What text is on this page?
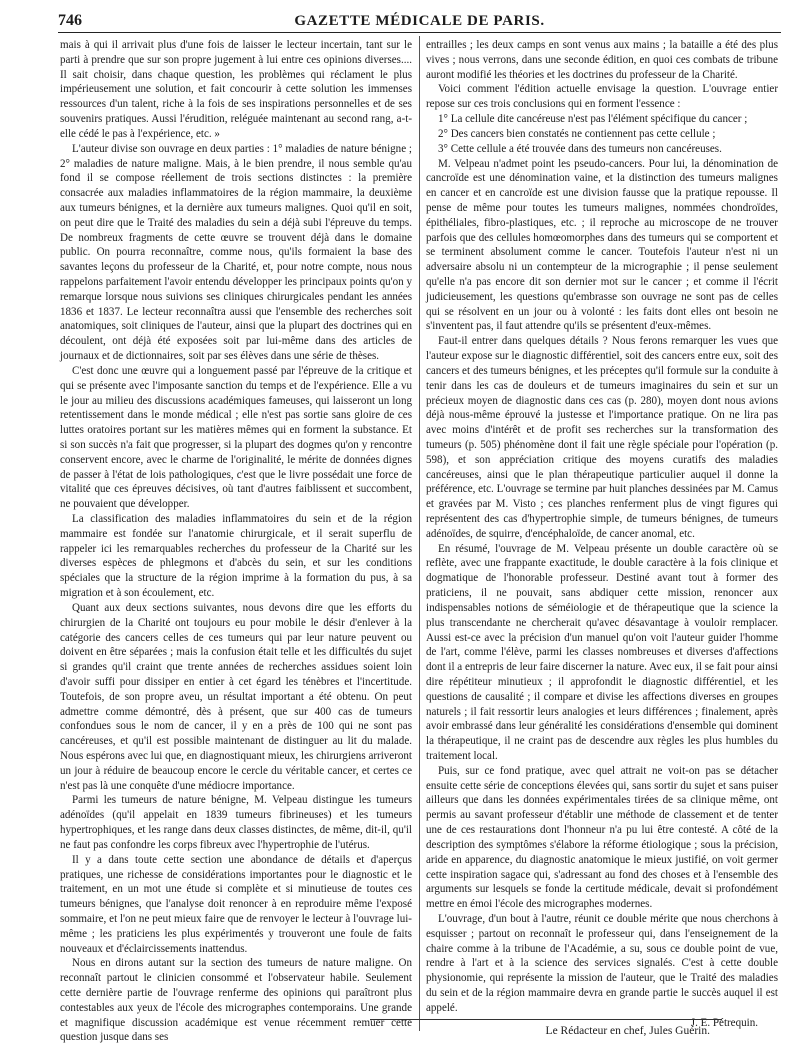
746	GAZETTE MÉDICALE DE PARIS.

mais à qui il arrivait plus d'une fois de laisser le lecteur incertain, tant sur le parti à prendre que sur son propre jugement à lui entre ces opinions diverses.... Il sait choisir, dans chaque question, les problèmes qui réclament le plus impérieusement une solution, et fait concourir à cette solution les immenses ressources d'un talent, riche à la fois de ses inspirations personnelles et de ses souvenirs pratiques. Aussi l'érudition, reléguée maintenant au second rang, a-t-elle cédé le pas à l'expérience, etc. »

L'auteur divise son ouvrage en deux parties : 1° maladies de nature bénigne ; 2° maladies de nature maligne. Mais, à le bien prendre, il nous semble qu'au fond il se compose réellement de trois sections distinctes : la première consacrée aux maladies inflammatoires de la région mammaire, la deuxième aux tumeurs bénignes, et la dernière aux tumeurs malignes. Quoi qu'il en soit, on peut dire que le Traité des maladies du sein a déjà subi l'épreuve du temps. De nombreux fragments de cette œuvre se trouvent déjà dans le domaine public. On pourra reconnaître, comme nous, qu'ils formaient la base des savantes leçons du professeur de la Charité, et, pour notre compte, nous nous rappelons parfaitement l'avoir entendu développer les principaux points qu'on y remarque lorsque nous suivions ses cliniques chirurgicales pendant les années 1836 et 1837. Le lecteur reconnaîtra aussi que l'ensemble des recherches soit anatomiques, soit cliniques de l'auteur, ainsi que la plupart des doctrines qui en découlent, ont déjà été exposées soit par lui-même dans des articles de journaux et de dictionnaires, soit par ses élèves dans une série de thèses.

C'est donc une œuvre qui a longuement passé par l'épreuve de la critique et qui se présente avec l'imposante sanction du temps et de l'expérience. Elle a vu le jour au milieu des discussions académiques fameuses, qui laisseront un long retentissement dans le monde médical ; elle n'est pas sortie sans gloire de ces luttes oratoires portant sur les matières mêmes qui en forment la substance. Et si son succès n'a fait que progresser, si la plupart des dogmes qu'on y rencontre conservent encore, avec le charme de l'originalité, le mérite de données dignes de passer à l'état de lois pathologiques, c'est que le livre possédait une force de vitalité que ces épreuves décisives, où tant d'autres faiblissent et succombent, ne pouvaient que développer.

La classification des maladies inflammatoires du sein et de la région mammaire est fondée sur l'anatomie chirurgicale, et il serait superflu de rappeler ici les remarquables recherches du professeur de la Charité sur les diverses espèces de phlegmons et d'abcès du sein, et sur les conditions spéciales que la structure de la région imprime à la formation du pus, à sa migration et à son écoulement, etc.

Quant aux deux sections suivantes, nous devons dire que les efforts du chirurgien de la Charité ont toujours eu pour mobile le désir d'enlever à la catégorie des cancers celles de ces tumeurs qui par leur nature peuvent ou doivent en être séparées ; mais la confusion était telle et les difficultés du sujet si grandes qu'il craint que trente années de recherches assidues soient loin d'avoir suffi pour dissiper en entier à cet égard les ténèbres et l'incertitude. Toutefois, de son propre aveu, un résultat important a été obtenu. On peut admettre comme démontré, dès à présent, que sur 400 cas de tumeurs confondues sous le nom de cancer, il y en a près de 100 qui ne sont pas cancéreuses, et qu'il est possible maintenant de distinguer au lit du malade. Nous espérons avec lui que, en diagnostiquant mieux, les chirurgiens arriveront un jour à réduire de beaucoup encore le cercle du véritable cancer, et certes ce n'est pas là une conquête d'une médiocre importance.

Parmi les tumeurs de nature bénigne, M. Velpeau distingue les tumeurs adénoïdes (qu'il appelait en 1839 tumeurs fibrineuses) et les tumeurs hypertrophiques, et les range dans deux classes distinctes, de même, dit-il, qu'il ne faut pas confondre les corps fibreux avec l'hypertrophie de l'utérus.

Il y a dans toute cette section une abondance de détails et d'aperçus pratiques, une richesse de considérations importantes pour le diagnostic et le traitement, en un mot une étude si complète et si minutieuse de toutes ces tumeurs bénignes, que l'analyse doit renoncer à en reproduire même l'exposé sommaire, et l'on ne peut mieux faire que de renvoyer le lecteur à l'ouvrage lui-même ; les praticiens les plus expérimentés y trouveront une foule de faits nouveaux et d'éclaircissements inattendus.

Nous en dirons autant sur la section des tumeurs de nature maligne. On reconnaît partout le clinicien consommé et l'observateur habile. Seulement cette dernière partie de l'ouvrage renferme des opinions qui paraîtront plus contestables aux yeux de l'école des micrographes contemporains. Une grande et magnifique discussion académique est venue récemment remuer cette question jusque dans ses

entrailles ; les deux camps en sont venus aux mains ; la bataille a été des plus vives ; nous verrons, dans une seconde édition, en quoi ces combats de tribune auront modifié les théories et les doctrines du professeur de la Charité.

Voici comment l'édition actuelle envisage la question. L'ouvrage entier repose sur ces trois conclusions qui en forment l'essence :

1° La cellule dite cancéreuse n'est pas l'élément spécifique du cancer ;

2° Des cancers bien constatés ne contiennent pas cette cellule ;

3° Cette cellule a été trouvée dans des tumeurs non cancéreuses.

M. Velpeau n'admet point les pseudo-cancers. Pour lui, la dénomination de cancroïde est une dénomination vaine, et la distinction des tumeurs malignes en cancer et en cancroïde est une division fausse que la pratique repousse. Il pense de même pour toutes les tumeurs malignes, nommées chondroïdes, épithéliales, fibro-plastiques, etc. ; il reproche au microscope de ne trouver parfois que des cellules homœomorphes dans des tumeurs qui se comportent et se terminent absolument comme le cancer. Toutefois l'auteur n'est ni un adversaire absolu ni un contempteur de la micrographie ; il pense seulement qu'elle n'a pas encore dit son dernier mot sur le cancer ; et comme il l'écrit judicieusement, les questions qu'embrasse son ouvrage ne sont pas de celles qui se résolvent en un jour ou à volonté : les faits dont elles ont besoin ne s'inventent pas, il faut attendre qu'ils se présentent d'eux-mêmes.

Faut-il entrer dans quelques détails ? Nous ferons remarquer les vues que l'auteur expose sur le diagnostic différentiel, soit des cancers entre eux, soit des cancers et des tumeurs bénignes, et les préceptes qu'il formule sur la conduite à tenir dans les cas de douleurs et de tumeurs imaginaires du sein et sur un précieux moyen de diagnostic dans ces cas (p. 280), moyen dont nous avions déjà nous-même éprouvé la justesse et l'importance pratique. On ne lira pas avec moins d'intérêt et de profit ses recherches sur la transformation des tumeurs (p. 505) phénomène dont il fait une règle spéciale pour l'opération (p. 598), et son appréciation critique des moyens curatifs des maladies cancéreuses, ainsi que le plan thérapeutique particulier auquel il donne la préférence, etc. L'ouvrage se termine par huit planches dessinées par M. Camus et gravées par M. Visto ; ces planches renferment plus de vingt figures qui représentent des cas d'hypertrophie simple, de tumeurs bénignes, de tumeurs adénoïdes, de squirre, d'encéphaloïde, de cancer anomal, etc.

En résumé, l'ouvrage de M. Velpeau présente un double caractère où se reflète, avec une frappante exactitude, le double caractère à la fois clinique et dogmatique de l'honorable professeur. Destiné avant tout à former des praticiens, il ne pouvait, sans abdiquer cette mission, renoncer aux indispensables notions de séméiologie et de thérapeutique que la science la plus transcendante ne chercherait qu'avec désavantage à vouloir remplacer. Aussi est-ce avec la précision d'un manuel qu'on voit l'auteur guider l'homme de l'art, comme l'élève, parmi les classes nombreuses et diverses d'affections dont il a entrepris de leur faire discerner la nature. Avec eux, il se fait pour ainsi dire répétiteur minutieux ; il approfondit le diagnostic différentiel, et les questions de causalité ; il compare et divise les affections diverses en groupes naturels ; il fait ressortir leurs analogies et leurs différences ; finalement, après avoir embrassé dans leur généralité les considérations d'ensemble qui dominent la thérapeutique, il ne craint pas de descendre aux règles les plus humbles du traitement local.

Puis, sur ce fond pratique, avec quel attrait ne voit-on pas se détacher ensuite cette série de conceptions élevées qui, sans sortir du sujet et sans puiser ailleurs que dans les données expérimentales tirées de sa clinique même, ont permis au savant professeur d'établir une méthode de classement et de tenter une de ces restaurations dont l'honneur n'a pu lui être contesté. A côté de la description des symptômes s'élabore la réforme étiologique ; sous la précision, aride en apparence, du diagnostic anatomique le mieux justifié, on voit germer cette inspiration sagace qui, s'adressant au fond des choses et à l'ensemble des arguments sur lesquels se fonde la certitude médicale, devait si profondément mettre en émoi l'école des micrographes modernes.

L'ouvrage, d'un bout à l'autre, réunit ce double mérite que nous cherchons à esquisser ; partout on reconnaît le professeur qui, dans l'enseignement de la chaire comme à la tribune de l'Académie, a su, sous ce double point de vue, rendre à l'art et à la science des services signalés. C'est à cette double physionomie, qui représente la mission de l'auteur, que le Traité des maladies du sein et de la région mammaire devra en grande partie le succès auquel il est appelé.

J. E. Pétrequin.

Le Rédacteur en chef, Jules Guérin.
